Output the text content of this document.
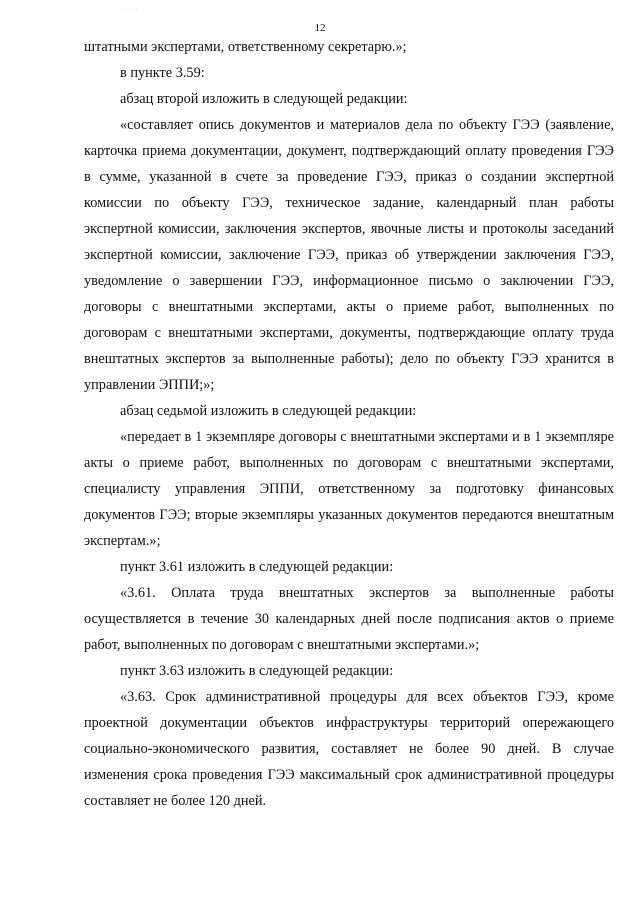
· · ·
12

штатными экспертами, ответственному секретарю.»;

в пункте 3.59:

абзац второй изложить в следующей редакции:

«составляет опись документов и материалов дела по объекту ГЭЭ (заявление, карточка приема документации, документ, подтверждающий оплату проведения ГЭЭ в сумме, указанной в счете за проведение ГЭЭ, приказ о создании экспертной комиссии по объекту ГЭЭ, техническое задание, календарный план работы экспертной комиссии, заключения экспертов, явочные листы и протоколы заседаний экспертной комиссии, заключение ГЭЭ, приказ об утверждении заключения ГЭЭ, уведомление о завершении ГЭЭ, информационное письмо о заключении ГЭЭ, договоры с внештатными экспертами, акты о приеме работ, выполненных по договорам с внештатными экспертами, документы, подтверждающие оплату труда внештатных экспертов за выполненные работы); дело по объекту ГЭЭ хранится в управлении ЭППИ;»;

абзац седьмой изложить в следующей редакции:

«передает в 1 экземпляре договоры с внештатными экспертами и в 1 экземпляре акты о приеме работ, выполненных по договорам с внештатными экспертами, специалисту управления ЭППИ, ответственному за подготовку финансовых документов ГЭЭ; вторые экземпляры указанных документов передаются внештатным экспертам.»;

пункт 3.61 изложить в следующей редакции:

«3.61. Оплата труда внештатных экспертов за выполненные работы осуществляется в течение 30 календарных дней после подписания актов о приеме работ, выполненных по договорам с внештатными экспертами.»;

пункт 3.63 изложить в следующей редакции:

«3.63. Срок административной процедуры для всех объектов ГЭЭ, кроме проектной документации объектов инфраструктуры территорий опережающего социально-экономического развития, составляет не более 90 дней. В случае изменения срока проведения ГЭЭ максимальный срок административной процедуры составляет не более 120 дней.
